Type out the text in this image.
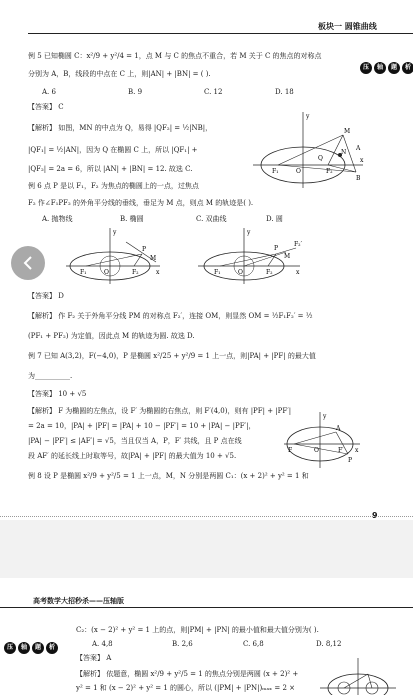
板块一 圆锥曲线
压	轴	题	析
例 5 已知椭圆 C：x²/9 + y²/4 = 1，点 M 与 C 的焦点不重合，若 M 关于 C 的焦点的对称点
分别为 A，B，线段的中点在 C 上，则|AN| + |BN| = ( ).
A. 6	B. 9	C. 12	D. 18
【答案】 C
【解析】 如图，MN 的中点为 Q，易得 |QF₂| = ½|NB|，
|QF₁| = ½|AN|，因为 Q 在椭圆 C 上，所以 |QF₁| +
|QF₂| = 2a = 6，所以 |AN| + |BN| = 12. 故选 C.
y
M
A
N
B
F₁	F₂
Q
O
x
例 6 点 P 是以 F₁，F₂ 为焦点的椭圆上的一点，过焦点
F₂ 作∠F₁PF₂ 的外角平分线的垂线，垂足为 M 点，则点 M 的轨迹是( ).
A. 抛物线	B. 椭圆	C. 双曲线	D. 圆
y
P
M
F₁	O	F₂	x
y
P
M
F₁	O	F₂
F₂′
x
【答案】 D
【解析】 作 F₂ 关于外角平分线 PM 的对称点 F₂′，连接 OM，则显然 OM = ½F₁F₂′ = ½
(PF₁ + PF₂) 为定值，因此点 M 的轨迹为圆. 故选 D.
例 7 已知 A(3,2)，F(−4,0)，P 是椭圆 x²/25 + y²/9 = 1 上一点，则|PA| + |PF| 的最大值
为__________.
【答案】 10 + √5
【解析】 F 为椭圆的左焦点，设 F′ 为椭圆的右焦点，则 F′(4,0)，则有 |PF| + |PF′|
= 2a = 10，|PA| + |PF| = |PA| + 10 − |PF′| = 10 + |PA| − |PF′|，
|PA| − |PF′| ≤ |AF′| = √5，当且仅当 A，P，F′ 共线，且 P 点在线
段 AF′ 的延长线上时取等号，故|PA| + |PF| 的最大值为 10 + √5.
y
A
P
F	O	F′ x
例 8 设 P 是椭圆 x²/9 + y²/5 = 1 上一点，M，N 分别是两圆 C₁：(x + 2)² + y² = 1 和
9
高考数学大招秒杀——压轴版
压	轴	题	析
C₂：(x − 2)² + y² = 1 上的点，则|PM| + |PN| 的最小值和最大值分别为( ).
A. 4,8	B. 2,6	C. 6,8	D. 8,12
【答案】 A
【解析】 依题意，椭圆 x²/9 + y²/5 = 1 的焦点分别是两圆 (x + 2)² +
y² = 1 和 (x − 2)² + y² = 1 的圆心，所以 (|PM| + |PN|)ₘₐₓ = 2 ×
